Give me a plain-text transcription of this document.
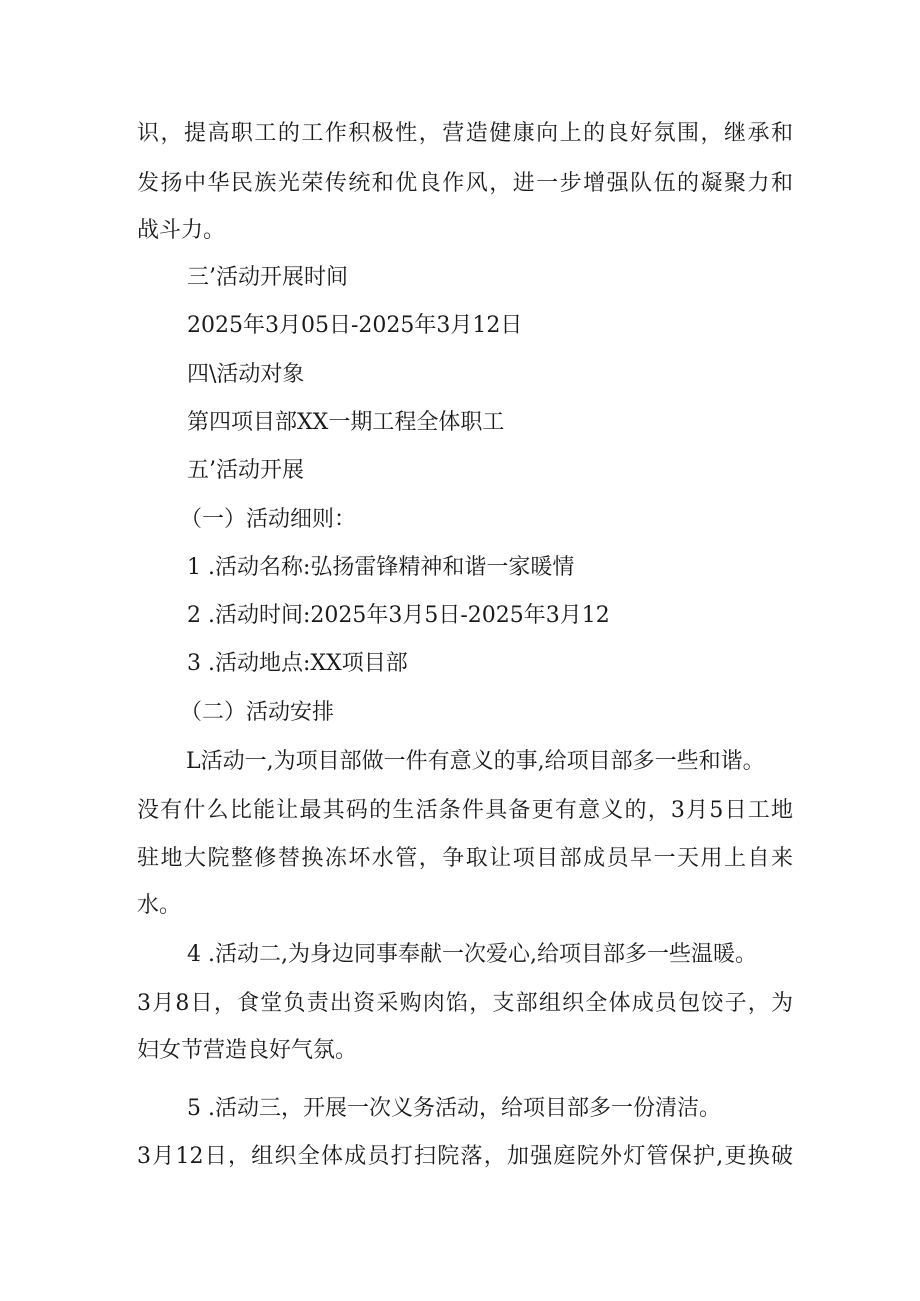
识，提高职工的工作积极性，营造健康向上的良好氛围，继承和
发扬中华民族光荣传统和优良作风，进一步增强队伍的凝聚力和
战斗力。
三’活动开展时间
2025年3月05日-2025年3月12日
四\活动对象
第四项目部XX一期工程全体职工
五’活动开展
（一）活动细则：
1 .活动名称:弘扬雷锋精神和谐一家暖情
2 .活动时间:2025年3月5日-2025年3月12
3 .活动地点:XX项目部
（二）活动安排
L活动一,为项目部做一件有意义的事,给项目部多一些和谐。
没有什么比能让最其码的生活条件具备更有意义的，3月5日工地
驻地大院整修替换冻坏水管，争取让项目部成员早一天用上自来
水。
4 .活动二,为身边同事奉献一次爱心,给项目部多一些温暖。
3月8日，食堂负责出资采购肉馅，支部组织全体成员包饺子，为
妇女节营造良好气氛。
5 .活动三，开展一次义务活动，给项目部多一份清洁。
3月12日，组织全体成员打扫院落，加强庭院外灯管保护,更换破
